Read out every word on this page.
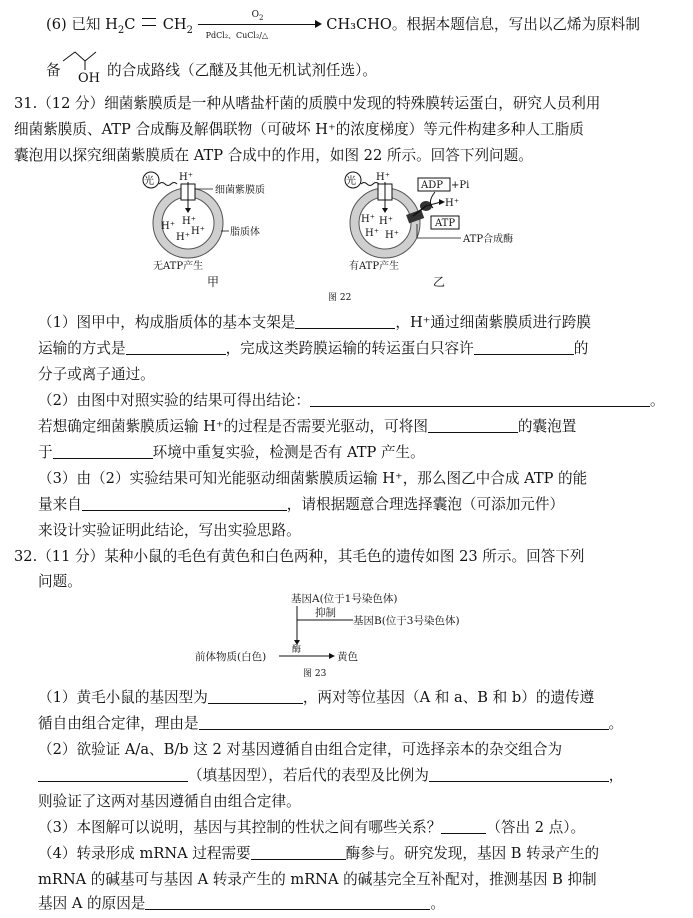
(6) 已知 $H_2C$ $CH_2$
$O_2$
PdCl₂、CuCl₂/△
CH₃CHO。根据本题信息，写出以乙烯为原料制
备 OH 的合成路线（乙醚及其他无机试剂任选）。
31.（12 分）细菌紫膜质是一种从嗜盐杆菌的质膜中发现的特殊膜转运蛋白，研究人员利用
细菌紫膜质、ATP 合成酶及解偶联物（可破坏 H⁺的浓度梯度）等元件构建多种人工脂质
囊泡用以探究细菌紫膜质在 ATP 合成中的作用，如图 22 所示。回答下列问题。
光	H⁺
H⁺ H⁺
H⁺
H⁺
细菌紫膜质
脂质体
无ATP产生
甲
光 H⁺
H⁺ H⁺
H⁺ H⁺
ADP +Pi
H⁺
ATP
ATP合成酶
有ATP产生
乙
图 22
（1）图甲中，构成脂质体的基本支架是	，H⁺通过细菌紫膜质进行跨膜
运输的方式是	，完成这类跨膜运输的转运蛋白只容许	的
分子或离子通过。
（2）由图中对照实验的结果可得出结论：	。
若想确定细菌紫膜质运输 H⁺的过程是否需要光驱动，可将图	的囊泡置
于	环境中重复实验，检测是否有 ATP 产生。
（3）由（2）实验结果可知光能驱动细菌紫膜质运输 H⁺，那么图乙中合成 ATP 的能
量来自	，请根据题意合理选择囊泡（可添加元件）
来设计实验证明此结论，写出实验思路。
32.（11 分）某种小鼠的毛色有黄色和白色两种，其毛色的遗传如图 23 所示。回答下列
问题。
基因A(位于1号染色体)
抑制
基因B(位于3号染色体)
前体物质(白色)
酶
黄色
图 23
（1）黄毛小鼠的基因型为	，两对等位基因（A 和 a、B 和 b）的遗传遵
循自由组合定律，理由是	。
（2）欲验证 A/a、B/b 这 2 对基因遵循自由组合定律，可选择亲本的杂交组合为
（填基因型），若后代的表型及比例为	，
则验证了这两对基因遵循自由组合定律。
（3）本图解可以说明，基因与其控制的性状之间有哪些关系？	（答出 2 点）。
（4）转录形成 mRNA 过程需要	酶参与。研究发现，基因 B 转录产生的
mRNA 的碱基可与基因 A 转录产生的 mRNA 的碱基完全互补配对，推测基因 B 抑制
基因 A 的原因是	。
